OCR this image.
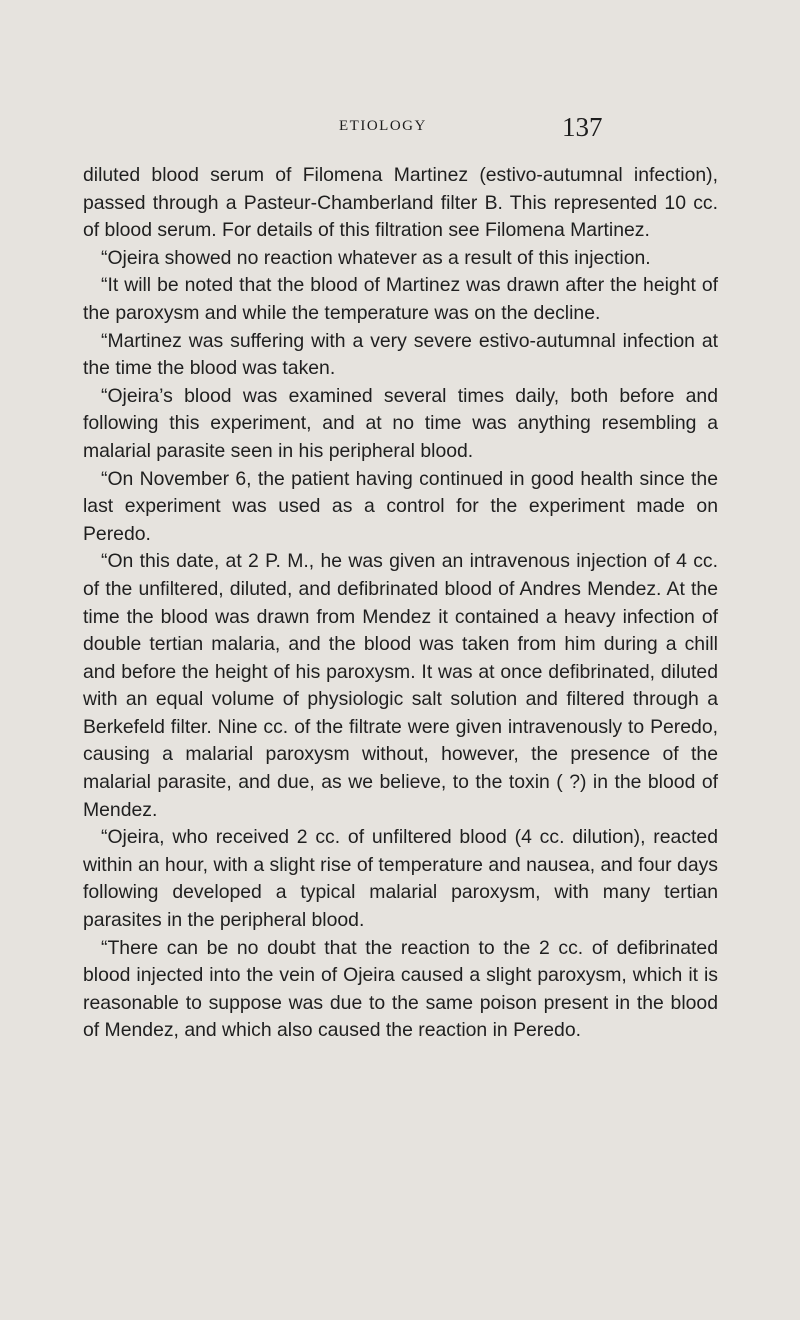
ETIOLOGY	137

diluted blood serum of Filomena Martinez (estivo-autumnal infection), passed through a Pasteur-Chamberland filter B. This represented 10 cc. of blood serum. For details of this filtration see Filomena Martinez.

“Ojeira showed no reaction whatever as a result of this injection.

“It will be noted that the blood of Martinez was drawn after the height of the paroxysm and while the temperature was on the decline.

“Martinez was suffering with a very severe estivo-autumnal infection at the time the blood was taken.

“Ojeira’s blood was examined several times daily, both before and following this experiment, and at no time was anything resembling a malarial parasite seen in his peripheral blood.

“On November 6, the patient having continued in good health since the last experiment was used as a control for the experiment made on Peredo.

“On this date, at 2 P. M., he was given an intravenous injection of 4 cc. of the unfiltered, diluted, and defibrinated blood of Andres Mendez. At the time the blood was drawn from Mendez it contained a heavy infection of double tertian malaria, and the blood was taken from him during a chill and before the height of his paroxysm. It was at once defibrinated, diluted with an equal volume of physiologic salt solution and filtered through a Berkefeld filter. Nine cc. of the filtrate were given intravenously to Peredo, causing a malarial paroxysm without, however, the presence of the malarial parasite, and due, as we believe, to the toxin ( ?) in the blood of Mendez.

“Ojeira, who received 2 cc. of unfiltered blood (4 cc. dilution), reacted within an hour, with a slight rise of temperature and nausea, and four days following developed a typical malarial paroxysm, with many tertian parasites in the peripheral blood.

“There can be no doubt that the reaction to the 2 cc. of defibrinated blood injected into the vein of Ojeira caused a slight paroxysm, which it is reasonable to suppose was due to the same poison present in the blood of Mendez, and which also caused the reaction in Peredo.
